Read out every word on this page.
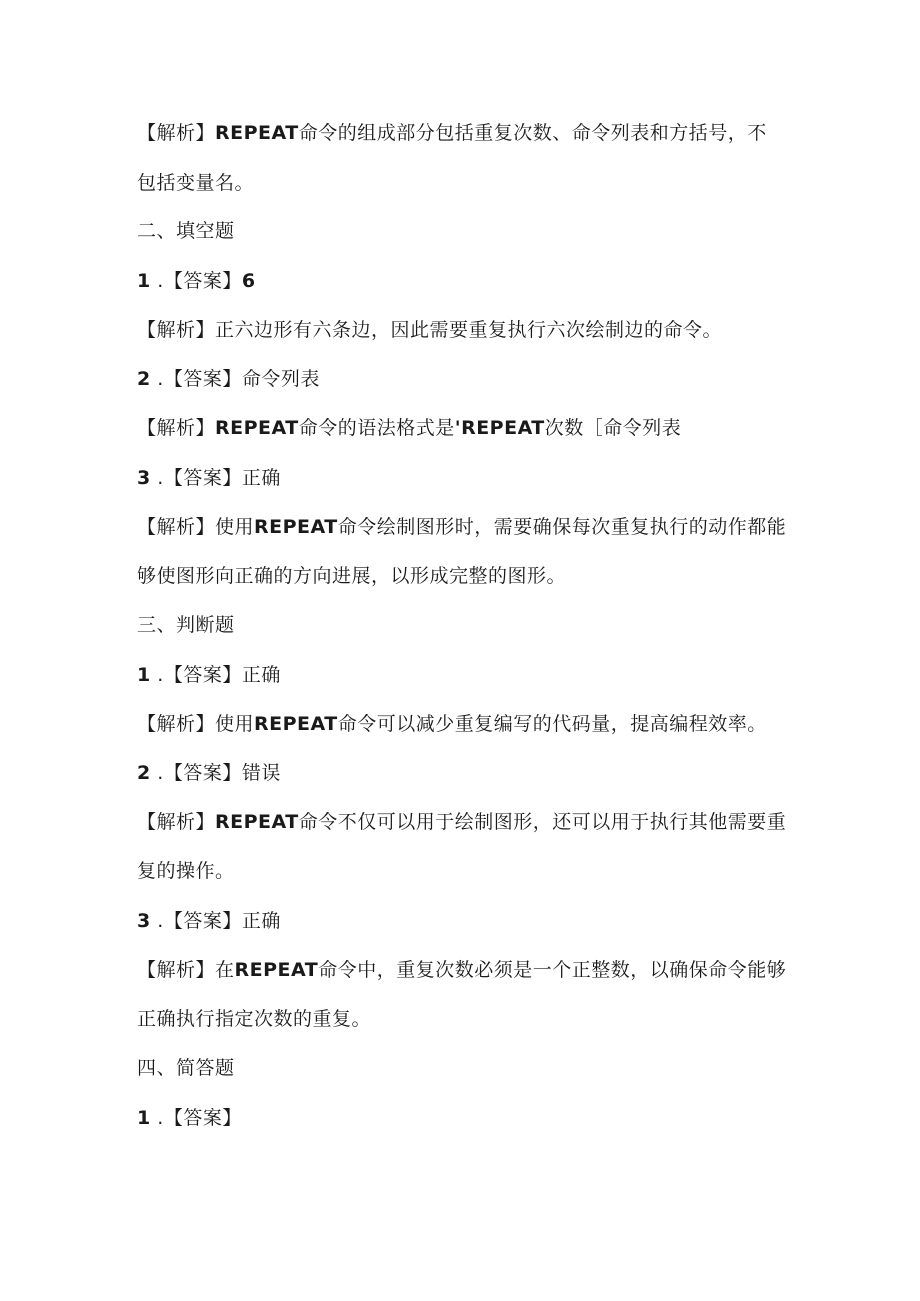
【解析】REPEAT命令的组成部分包括重复次数、命令列表和方括号，不
包括变量名。
二、填空题
1 .【答案】6
【解析】正六边形有六条边，因此需要重复执行六次绘制边的命令。
2 .【答案】命令列表
【解析】REPEAT命令的语法格式是'REPEAT次数［命令列表
3 .【答案】正确
【解析】使用REPEAT命令绘制图形时，需要确保每次重复执行的动作都能
够使图形向正确的方向进展，以形成完整的图形。
三、判断题
1 .【答案】正确
【解析】使用REPEAT命令可以减少重复编写的代码量，提高编程效率。
2 .【答案】错误
【解析】REPEAT命令不仅可以用于绘制图形，还可以用于执行其他需要重
复的操作。
3 .【答案】正确
【解析】在REPEAT命令中，重复次数必须是一个正整数，以确保命令能够
正确执行指定次数的重复。
四、简答题
1 .【答案】
